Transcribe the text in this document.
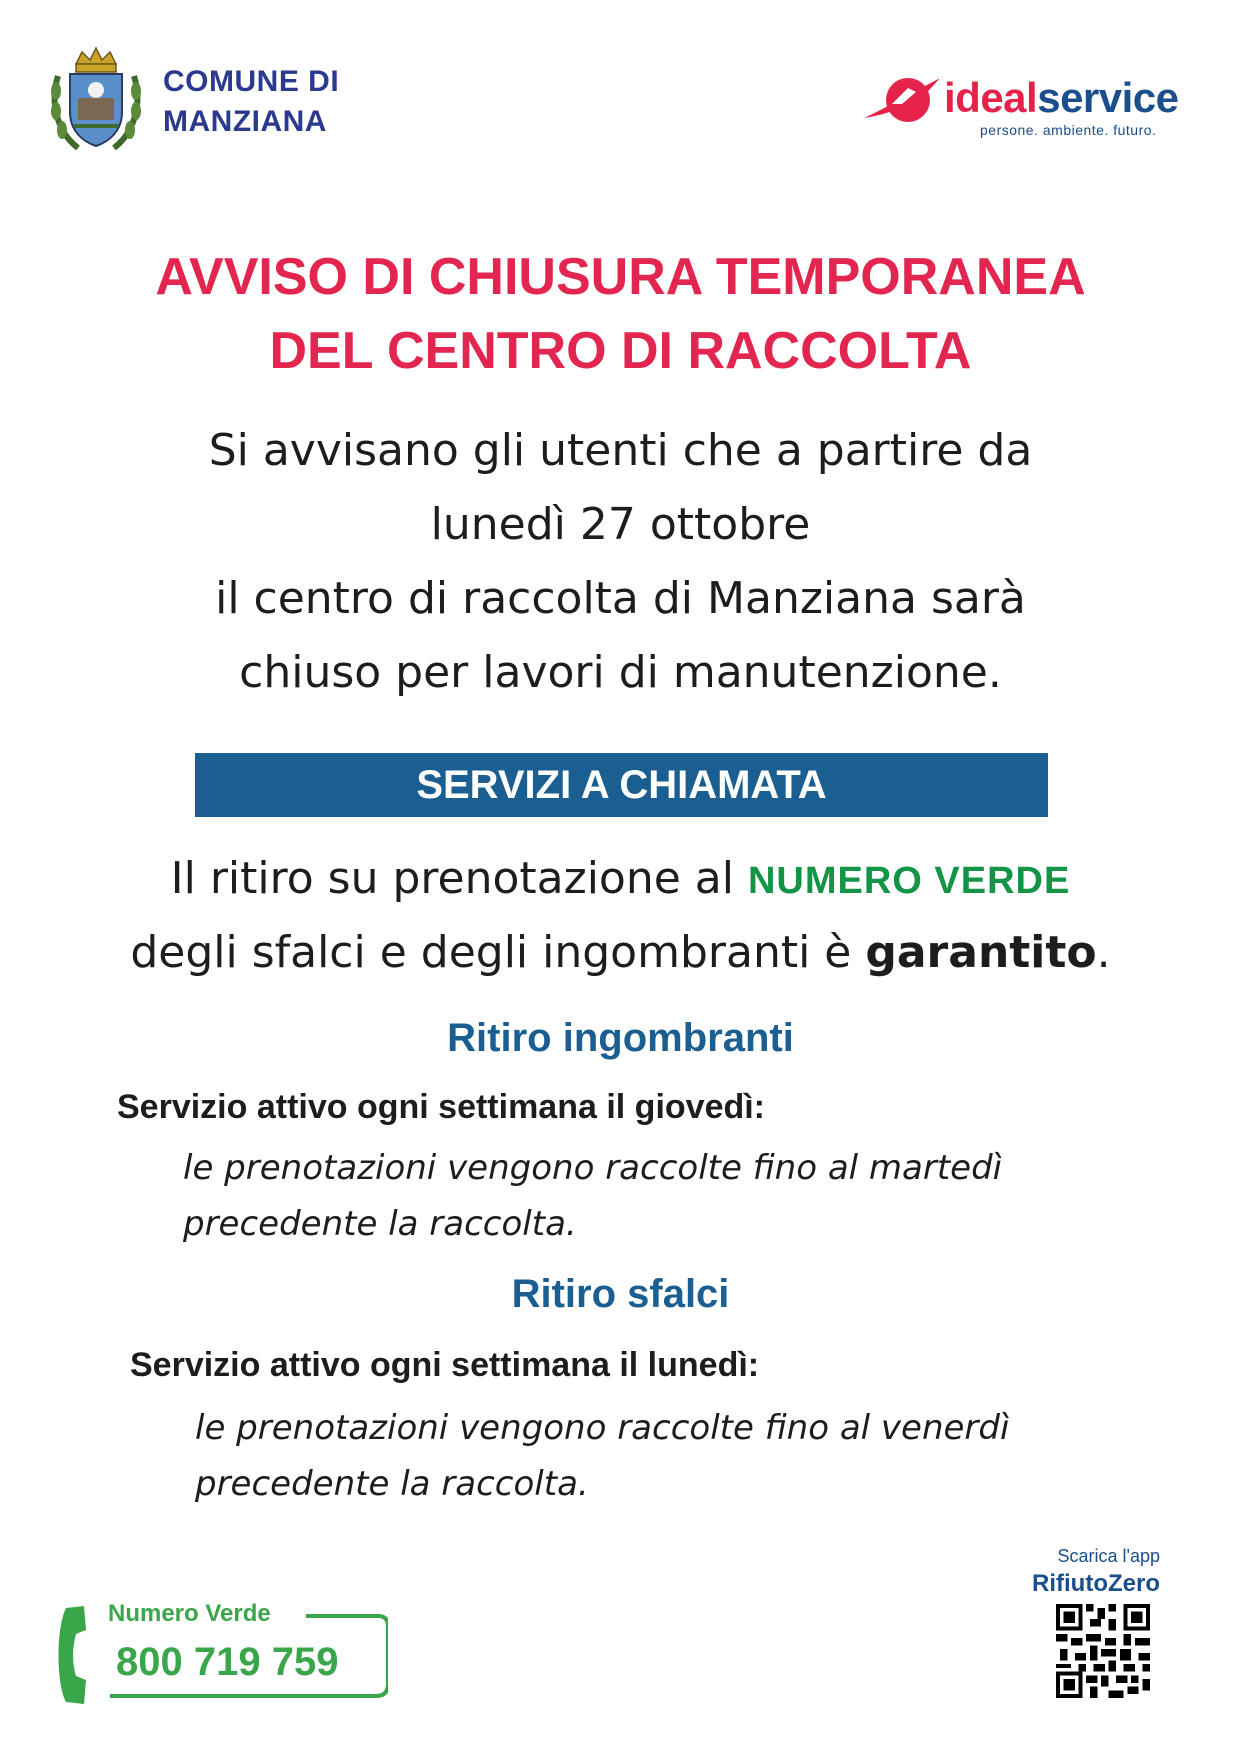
COMUNE DI
MANZIANA
idealservice
persone. ambiente. futuro.
AVVISO DI CHIUSURA TEMPORANEA
DEL CENTRO DI RACCOLTA
Si avvisano gli utenti che a partire da
lunedì 27 ottobre
il centro di raccolta di Manziana sarà
chiuso per lavori di manutenzione.
SERVIZI A CHIAMATA
Il ritiro su prenotazione al NUMERO VERDE
degli sfalci e degli ingombranti è garantito.
Ritiro ingombranti
Servizio attivo ogni settimana il giovedì:
le prenotazioni vengono raccolte fino al martedì
precedente la raccolta.
Ritiro sfalci
Servizio attivo ogni settimana il lunedì:
le prenotazioni vengono raccolte fino al venerdì
precedente la raccolta.
Numero Verde
800 719 759
Scarica l'app
RifiutoZero
